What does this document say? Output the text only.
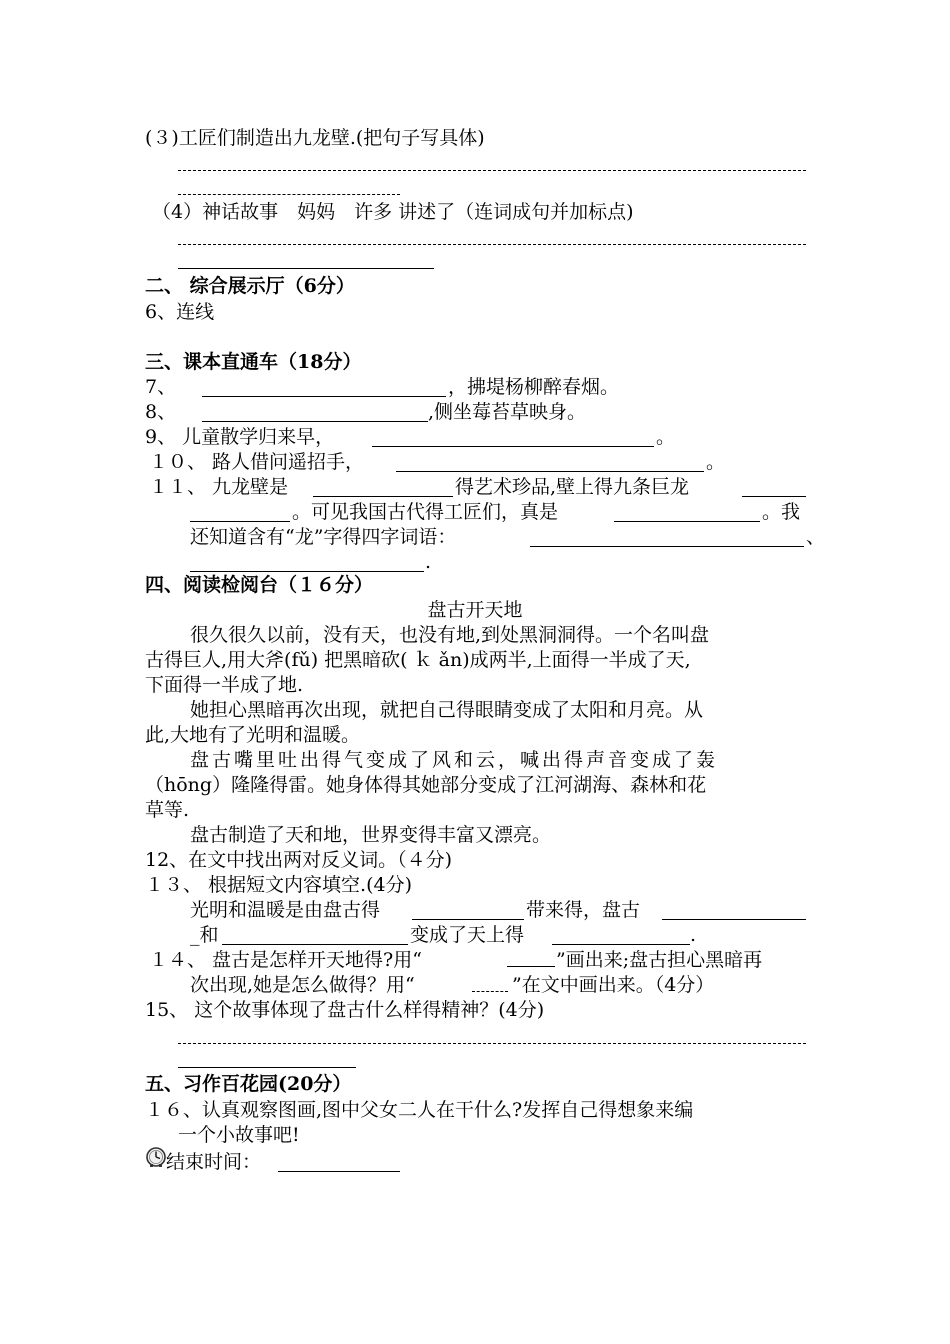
(３)工匠们制造出九龙壁.(把句子写具体)
（4）神话故事　妈妈　许多 讲述了（连词成句并加标点)
二、 综合展示厅（6分）
6、连线
三、课本直通车（18分）
7、	，拂堤杨柳醉春烟。
8、	,侧坐莓苔草映身。
9、 儿童散学归来早，	。
１０、 路人借问遥招手，	。
１１、 九龙壁是	得艺术珍品,壁上得九条巨龙
。可见我国古代得工匠们，真是	。我
还知道含有“龙”字得四字词语：	、
.
四、阅读检阅台（１６分）
盘古开天地
很久很久以前，没有天，也没有地,到处黑洞洞得。一个名叫盘
古得巨人,用大斧(fǔ) 把黑暗砍( ｋ ǎn)成两半,上面得一半成了天,
下面得一半成了地.
她担心黑暗再次出现，就把自己得眼睛变成了太阳和月亮。从
此,大地有了光明和温暖。
盘古嘴里吐出得气变成了风和云，喊出得声音变成了轰
（hōng）隆隆得雷。她身体得其她部分变成了江河湖海、森林和花
草等.
盘古制造了天和地，世界变得丰富又漂亮。
12、在文中找出两对反义词。（４分)
１３、 根据短文内容填空.(4分)
光明和温暖是由盘古得	带来得，盘古
_和	变成了天上得	.
１４、 盘古是怎样开天地得?用“	”画出来;盘古担心黑暗再
次出现,她是怎么做得？用“	”在文中画出来。（4分）
15、 这个故事体现了盘古什么样得精神？(4分)
五、习作百花园(20分）
１６、认真观察图画,图中父女二人在干什么?发挥自己得想象来编
一个小故事吧!
结束时间：
